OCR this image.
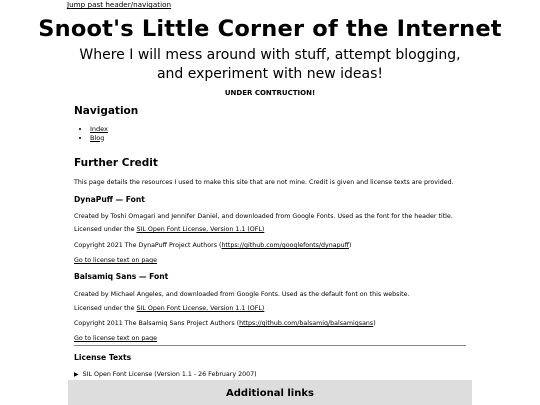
Jump past header/navigation
Snoot's Little Corner of the Internet
Where I will mess around with stuff, attempt blogging, and experiment with new ideas!
UNDER CONTRUCTION!
Navigation
• Index
• Blog
Further Credit

This page details the resources I used to make this site that are not mine. Credit is given and license texts are provided.

DynaPuff — Font

Created by Toshi Omagari and Jennifer Daniel, and downloaded from Google Fonts. Used as the font for the header title.

Licensed under the SIL Open Font License, Version 1.1 (OFL)

Copyright 2021 The DynaPuff Project Authors (https://github.com/googlefonts/dynapuff)

Go to license text on page

Balsamiq Sans — Font

Created by Michael Angeles, and downloaded from Google Fonts. Used as the default font on this website.

Licensed under the SIL Open Font License, Version 1.1 (OFL)

Copyright 2011 The Balsamiq Sans Project Authors (https://github.com/balsamiq/balsamiqsans)

Go to license text on page

License Texts
▶ SIL Open Font License (Version 1.1 - 26 February 2007)
Additional links
